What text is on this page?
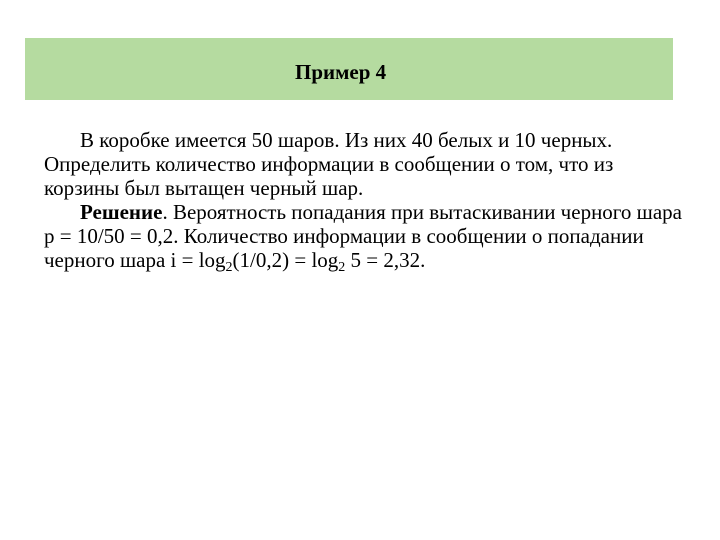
Пример 4

В коробке имеется 50 шаров. Из них 40 белых и 10 черных. Определить количество информации в сообщении о том, что из корзины был вытащен черный шар.

Решение. Вероятность попадания при вытаскивании черного шара p = 10/50 = 0,2. Количество информации в сообщении о попадании черного шара $i = \log_2(1/0,2) = \log_2 5 = 2,32$.
